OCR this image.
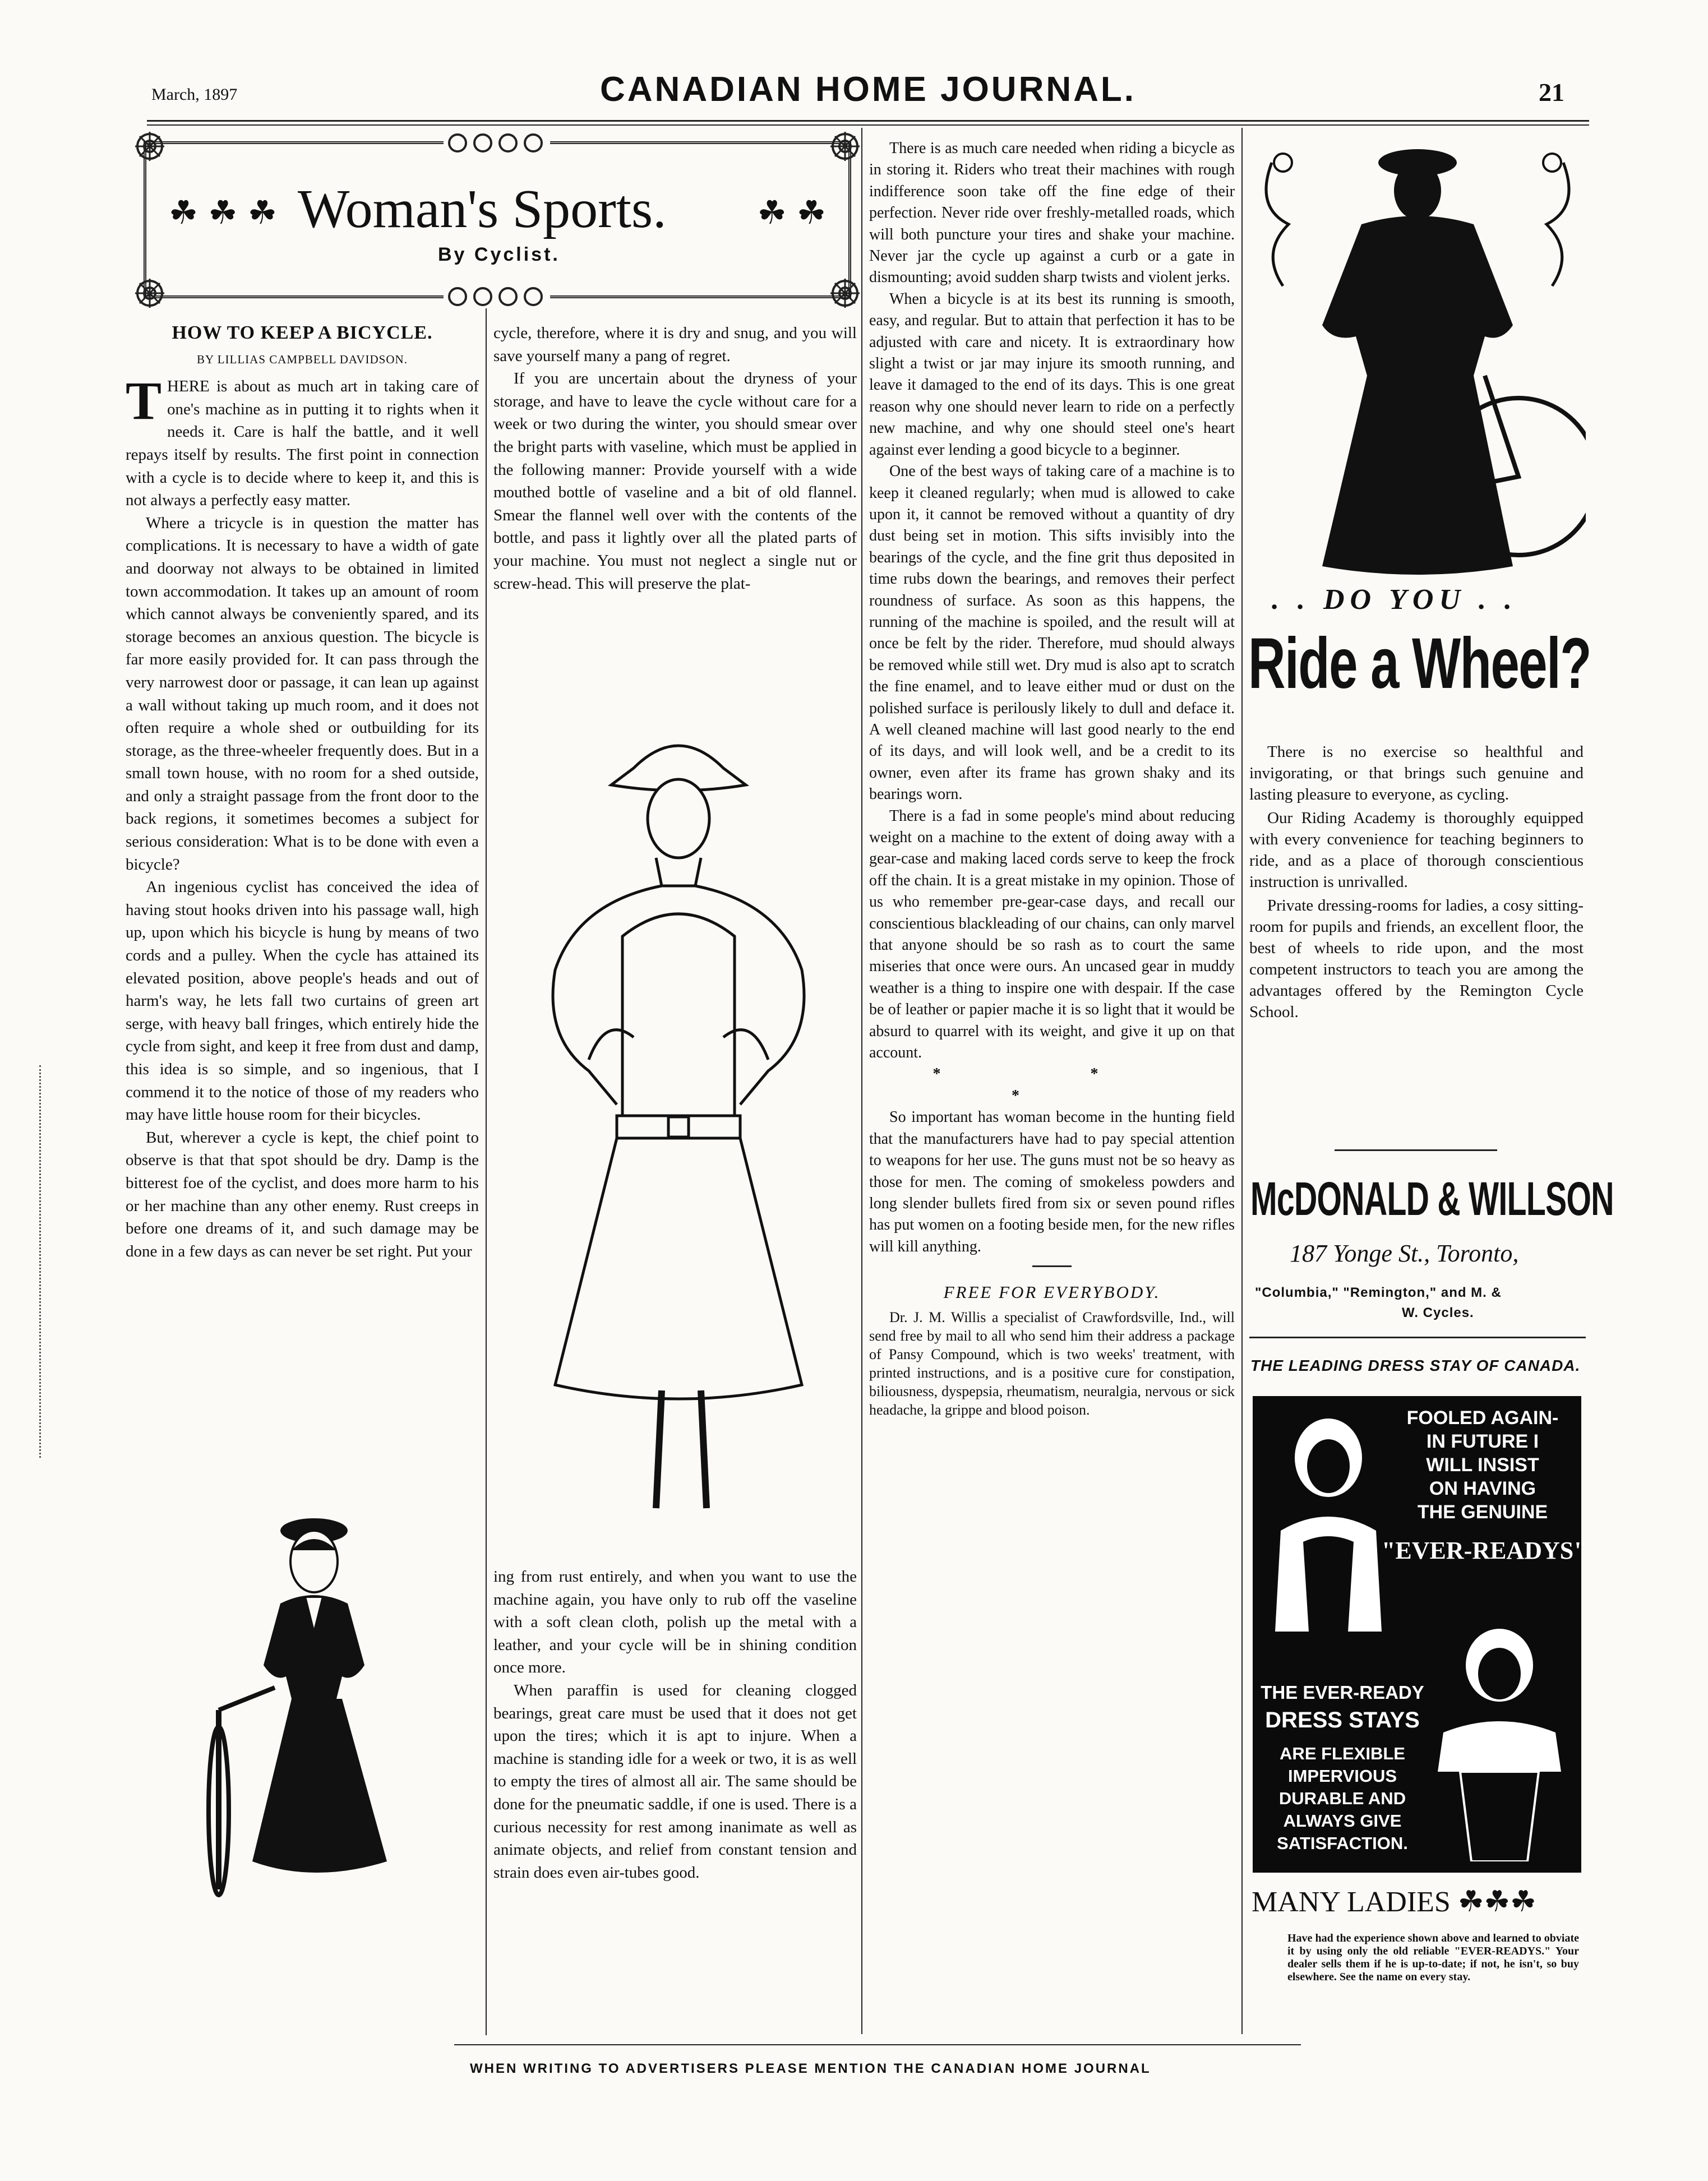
March, 1897	CANADIAN HOME JOURNAL.	21
☘ ☘ ☘	☘ ☘
Woman's Sports.
By Cyclist.
HOW TO KEEP A BICYCLE.
BY LILLIAS CAMPBELL DAVIDSON.

THERE is about as much art in taking care of one's machine as in putting it to rights when it needs it. Care is half the battle, and it well repays itself by results. The first point in connection with a cycle is to decide where to keep it, and this is not always a perfectly easy matter.

Where a tricycle is in question the matter has complications. It is necessary to have a width of gate and doorway not always to be obtained in limited town accommodation. It takes up an amount of room which cannot always be conveniently spared, and its storage becomes an anxious question. The bicycle is far more easily provided for. It can pass through the very narrowest door or passage, it can lean up against a wall without taking up much room, and it does not often require a whole shed or outbuilding for its storage, as the three-wheeler frequently does. But in a small town house, with no room for a shed outside, and only a straight passage from the front door to the back regions, it sometimes becomes a subject for serious consideration: What is to be done with even a bicycle?

An ingenious cyclist has conceived the idea of having stout hooks driven into his passage wall, high up, upon which his bicycle is hung by means of two cords and a pulley. When the cycle has attained its elevated position, above people's heads and out of harm's way, he lets fall two curtains of green art serge, with heavy ball fringes, which entirely hide the cycle from sight, and keep it free from dust and damp, this idea is so simple, and so ingenious, that I commend it to the notice of those of my readers who may have little house room for their bicycles.

But, wherever a cycle is kept, the chief point to observe is that that spot should be dry. Damp is the bitterest foe of the cyclist, and does more harm to his or her machine than any other enemy. Rust creeps in before one dreams of it, and such damage may be done in a few days as can never be set right. Put your

cycle, therefore, where it is dry and snug, and you will save yourself many a pang of regret.

If you are uncertain about the dryness of your storage, and have to leave the cycle without care for a week or two during the winter, you should smear over the bright parts with vaseline, which must be applied in the following manner: Provide yourself with a wide mouthed bottle of vaseline and a bit of old flannel. Smear the flannel well over with the contents of the bottle, and pass it lightly over all the plated parts of your machine. You must not neglect a single nut or screw-head. This will preserve the plat-

ing from rust entirely, and when you want to use the machine again, you have only to rub off the vaseline with a soft clean cloth, polish up the metal with a leather, and your cycle will be in shining condition once more.

When paraffin is used for cleaning clogged bearings, great care must be used that it does not get upon the tires; which it is apt to injure. When a machine is standing idle for a week or two, it is as well to empty the tires of almost all air. The same should be done for the pneumatic saddle, if one is used. There is a curious necessity for rest among inanimate as well as animate objects, and relief from constant tension and strain does even air-tubes good.

There is as much care needed when riding a bicycle as in storing it. Riders who treat their machines with rough indifference soon take off the fine edge of their perfection. Never ride over freshly-metalled roads, which will both puncture your tires and shake your machine. Never jar the cycle up against a curb or a gate in dismounting; avoid sudden sharp twists and violent jerks.

When a bicycle is at its best its running is smooth, easy, and regular. But to attain that perfection it has to be adjusted with care and nicety. It is extraordinary how slight a twist or jar may injure its smooth running, and leave it damaged to the end of its days. This is one great reason why one should never learn to ride on a perfectly new machine, and why one should steel one's heart against ever lending a good bicycle to a beginner.

One of the best ways of taking care of a machine is to keep it cleaned regularly; when mud is allowed to cake upon it, it cannot be removed without a quantity of dry dust being set in motion. This sifts invisibly into the bearings of the cycle, and the fine grit thus deposited in time rubs down the bearings, and removes their perfect roundness of surface. As soon as this happens, the running of the machine is spoiled, and the result will at once be felt by the rider. Therefore, mud should always be removed while still wet. Dry mud is also apt to scratch the fine enamel, and to leave either mud or dust on the polished surface is perilously likely to dull and deface it. A well cleaned machine will last good nearly to the end of its days, and will look well, and be a credit to its owner, even after its frame has grown shaky and its bearings worn.

There is a fad in some people's mind about reducing weight on a machine to the extent of doing away with a gear-case and making laced cords serve to keep the frock off the chain. It is a great mistake in my opinion. Those of us who remember pre-gear-case days, and recall our conscientious blackleading of our chains, can only marvel that anyone should be so rash as to court the same miseries that once were ours. An uncased gear in muddy weather is a thing to inspire one with despair. If the case be of leather or papier mache it is so light that it would be absurd to quarrel with its weight, and give it up on that account.

* * *

So important has woman become in the hunting field that the manufacturers have had to pay special attention to weapons for her use. The guns must not be so heavy as those for men. The coming of smokeless powders and long slender bullets fired from six or seven pound rifles has put women on a footing beside men, for the new rifles will kill anything.

FREE FOR EVERYBODY.

Dr. J. M. Willis a specialist of Crawfordsville, Ind., will send free by mail to all who send him their address a package of Pansy Compound, which is two weeks' treatment, with printed instructions, and is a positive cure for constipation, biliousness, dyspepsia, rheumatism, neuralgia, nervous or sick headache, la grippe and blood poison.

. . DO YOU . .
Ride a Wheel?

There is no exercise so healthful and invigorating, or that brings such genuine and lasting pleasure to everyone, as cycling.

Our Riding Academy is thoroughly equipped with every convenience for teaching beginners to ride, and as a place of thorough conscientious instruction is unrivalled.

Private dressing-rooms for ladies, a cosy sitting-room for pupils and friends, an excellent floor, the best of wheels to ride upon, and the most competent instructors to teach you are among the advantages offered by the Remington Cycle School.

McDONALD & WILLSON
187 Yonge St., Toronto,
"Columbia," "Remington," and M. &
W. Cycles.
THE LEADING DRESS STAY OF CANADA.
FOOLED AGAIN-
IN FUTURE I
WILL INSIST
ON HAVING
THE GENUINE
"EVER-READYS"
THE EVER-READY
DRESS STAYS
ARE FLEXIBLE
IMPERVIOUS
DURABLE AND
ALWAYS GIVE
SATISFACTION.
MANY LADIES ☘☘☘
Have had the experience shown above and learned to obviate it by using only the old reliable "EVER-READYS." Your dealer sells them if he is up-to-date; if not, he isn't, so buy elsewhere. See the name on every stay.
WHEN WRITING TO ADVERTISERS PLEASE MENTION THE CANADIAN HOME JOURNAL
